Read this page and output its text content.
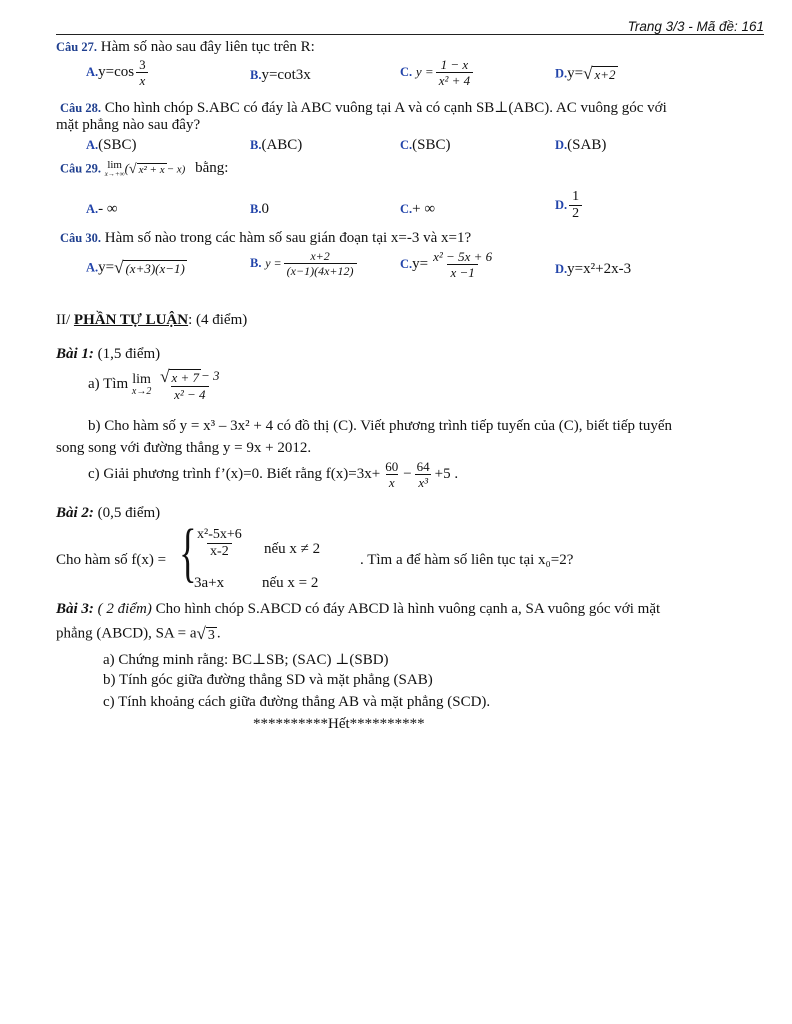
Trang 3/3 - Mã đề: 161
Câu 27. Hàm số nào sau đây liên tục trên R:
$A.y=\cos \frac{3}{x}$	B.y=cot3x	C. $y = \frac{1 - x}{\text{x² + 4}}$	D.y=√ x+2
Câu 28. Cho hình chóp S.ABC có đáy là ABC vuông tại A và có cạnh SB⊥(ABC). AC vuông góc với
mặt phẳng nào sau đây?
A.(SBC)	B.(ABC)	C.(SBC)	D.(SAB)
Câu 29. lim
x→+∞ (√ x² + x − x) bằng:
A.- ∞	B.0	C.+ ∞	D. $\frac{1}{2}$
Câu 30. Hàm số nào trong các hàm số sau gián đoạn tại x=-3 và x=1?
A.y=√ (x+3)(x−1)	B. $y = \frac{x+2}{(x-1)(4x+12)}$	$C.y= \frac{\text{x² − 5x + 6}}{x -1}$	D.y=x²+2x-3
II/ PHẦN TỰ LUẬN: (4 điểm)
Bài 1: (1,5 điểm)
a) Tìm lim
x→2
$\frac{√ x + 7 - 3}{\text{x² − 4}}$
b) Cho hàm số y = x³ – 3x² + 4 có đồ thị (C). Viết phương trình tiếp tuyến của (C), biết tiếp tuyến
song song với đường thẳng y = 9x + 2012.
c) Giải phương trình f’(x)=0. Biết rằng $f(x)=3x+ \frac{60}{x} - \frac{64}{\text{x³}} +5$ .
Bài 2: (0,5 điểm)
Cho hàm số f(x) = {
$\frac{\text{x²-5x+6}}{x-2}$ nếu x ≠ 2
3a+x	nếu x = 2
. Tìm a để hàm số liên tục tại x₀=2?
Bài 3: ( 2 điểm) Cho hình chóp S.ABCD có đáy ABCD là hình vuông cạnh a, SA vuông góc với mặt
phẳng (ABCD), SA = a√ 3 .
a) Chứng minh rằng: BC⊥SB; (SAC) ⊥(SBD)
b) Tính góc giữa đường thẳng SD và mặt phẳng (SAB)
c) Tính khoảng cách giữa đường thẳng AB và mặt phẳng (SCD).
**********Hết**********
